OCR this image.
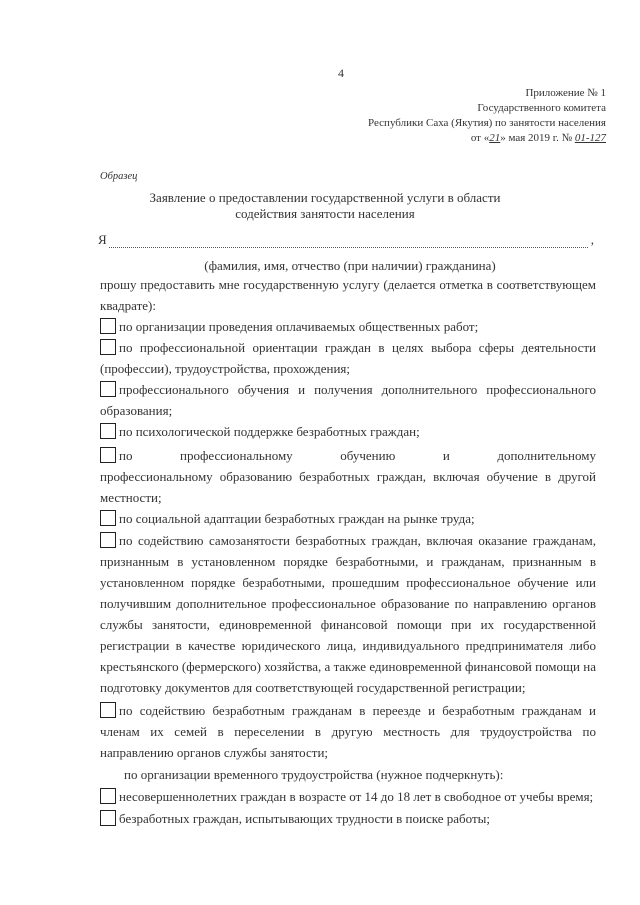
4
Приложение № 1
Государственного комитета
Республики Саха (Якутия) по занятости населения
от «21» мая 2019 г. № 01-127
Образец
Заявление о предоставлении государственной услуги в области
содействия занятости населения
Я	,
(фамилия, имя, отчество (при наличии) гражданина)
прошу предоставить мне государственную услугу (делается отметка в соответствующем квадрате):
по организации проведения оплачиваемых общественных работ;
по профессиональной ориентации граждан в целях выбора сферы деятельности (профессии), трудоустройства, прохождения;
профессионального обучения и получения дополнительного профессионального образования;
по психологической поддержке безработных граждан;
по	профессиональному	обучению	и	дополнительному
профессиональному образованию безработных граждан, включая обучение в другой местности;
по социальной адаптации безработных граждан на рынке труда;
по содействию самозанятости безработных граждан, включая оказание гражданам, признанным в установленном порядке безработными, и гражданам, признанным в установленном порядке безработными, прошедшим профессиональное обучение или получившим дополнительное профессиональное образование по направлению органов службы занятости, единовременной финансовой помощи при их государственной регистрации в качестве юридического лица, индивидуального предпринимателя либо крестьянского (фермерского) хозяйства, а также единовременной финансовой помощи на подготовку документов для соответствующей государственной регистрации;
по содействию безработным гражданам в переезде и безработным гражданам и членам их семей в переселении в другую местность для трудоустройства по направлению органов службы занятости;
по организации временного трудоустройства (нужное подчеркнуть):
несовершеннолетних граждан в возрасте от 14 до 18 лет в свободное от учебы время;
безработных граждан, испытывающих трудности в поиске работы;
